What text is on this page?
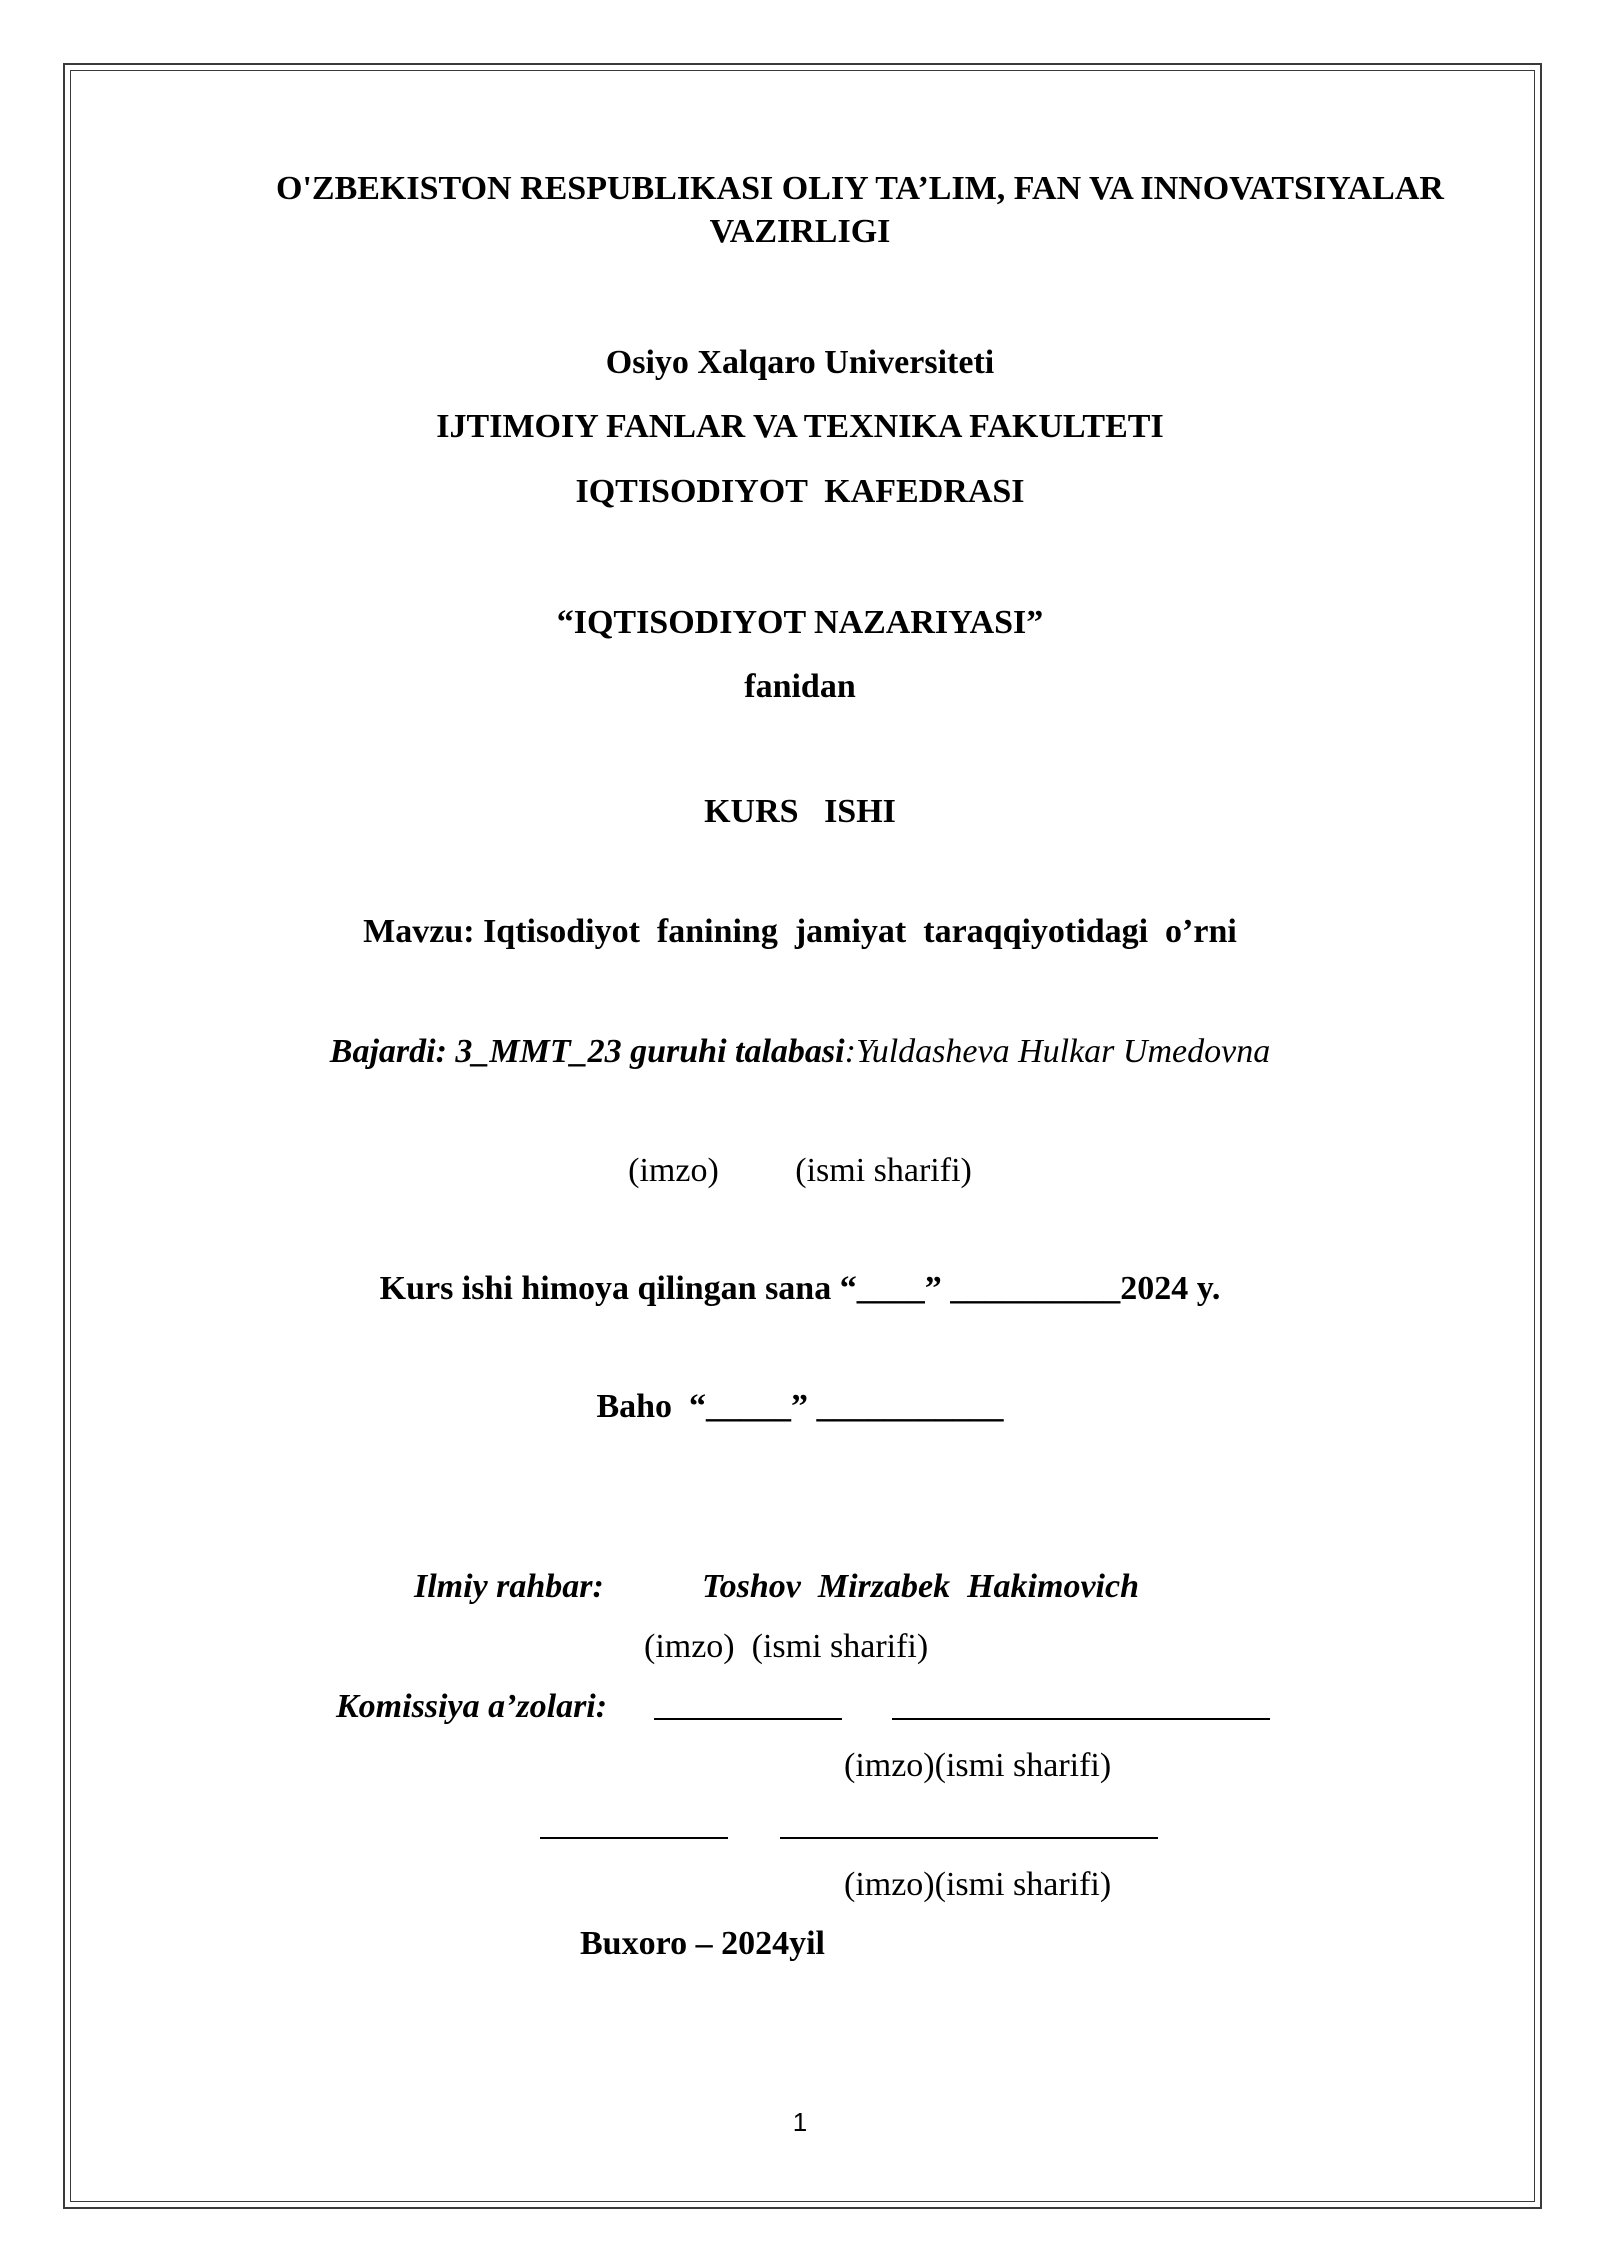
O'ZBEKISTON RESPUBLIKASI OLIY TA’LIM, FAN VA INNOVATSIYALAR
VAZIRLIGI
Osiyo Xalqaro Universiteti
IJTIMOIY FANLAR VA TEXNIKA FAKULTETI
IQTISODIYOT  KAFEDRASI
“IQTISODIYOT NAZARIYASI”
fanidan
KURS   ISHI
Mavzu: Iqtisodiyot  fanining  jamiyat  taraqqiyotidagi  o’rni
Bajardi: 3_MMT_23 guruhi talabasi:Yuldasheva Hulkar Umedovna
(imzo)         (ismi sharifi)
Kurs ishi himoya qilingan sana “____” __________2024 y.
Baho  “_____” ___________
Ilmiy rahbar:	Toshov  Mirzabek  Hakimovich
(imzo)  (ismi sharifi)
Komissiya a’zolari:
(imzo)(ismi sharifi)
(imzo)(ismi sharifi)
Buxoro – 2024yil
1
